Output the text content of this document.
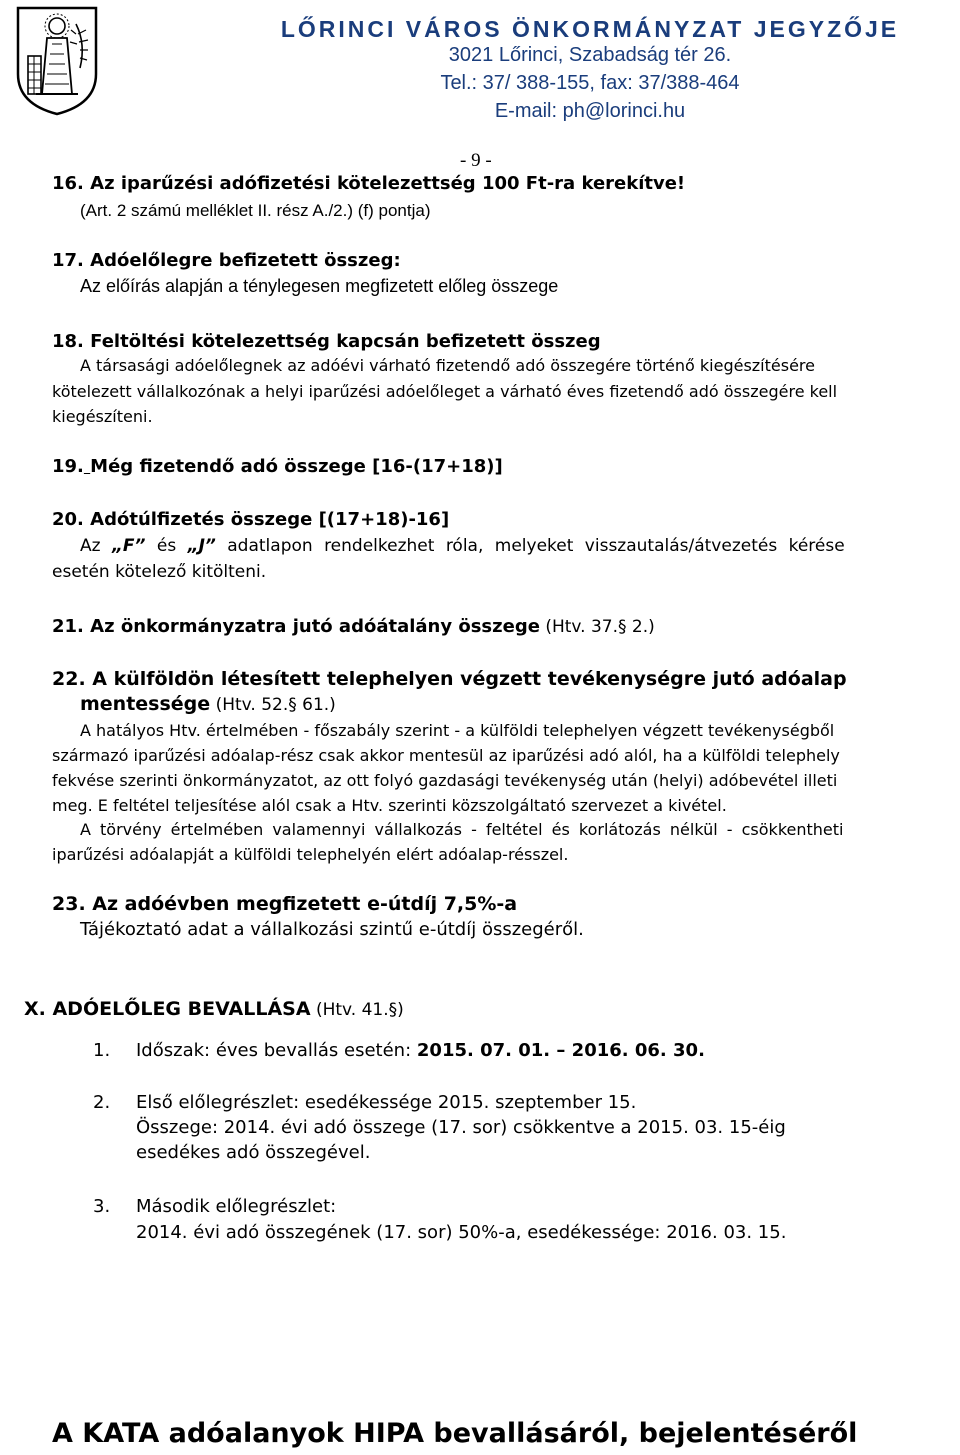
LŐRINCI VÁROS ÖNKORMÁNYZAT JEGYZŐJE
3021 Lőrinci, Szabadság tér 26.
Tel.: 37/ 388-155, fax: 37/388-464
E-mail: ph@lorinci.hu
- 9 -
16. Az iparűzési adófizetési kötelezettség 100 Ft-ra kerekítve!
(Art. 2 számú melléklet II. rész A./2.) (f) pontja)
17. Adóelőlegre befizetett összeg:
Az előírás alapján a ténylegesen megfizetett előleg összege
18. Feltöltési kötelezettség kapcsán befizetett összeg
A társasági adóelőlegnek az adóévi várható fizetendő adó összegére történő kiegészítésére
kötelezett vállalkozónak a helyi iparűzési adóelőleget a várható éves fizetendő adó összegére kell
kiegészíteni.
19. Még fizetendő adó összege [16-(17+18)]
20. Adótúlfizetés összege [(17+18)-16]
Az „F” és „J” adatlapon rendelkezhet róla, melyeket visszautalás/átvezetés kérése
esetén kötelező kitölteni.
21. Az önkormányzatra jutó adóátalány összege (Htv. 37.§ 2.)
22. A külföldön létesített telephelyen végzett tevékenységre jutó adóalap
mentessége (Htv. 52.§ 61.)
A hatályos Htv. értelmében - főszabály szerint - a külföldi telephelyen végzett tevékenységből
származó iparűzési adóalap-rész csak akkor mentesül az iparűzési adó alól, ha a külföldi telephely
fekvése szerinti önkormányzatot, az ott folyó gazdasági tevékenység után (helyi) adóbevétel illeti
meg. E feltétel teljesítése alól csak a Htv. szerinti közszolgáltató szervezet a kivétel.
A törvény értelmében valamennyi vállalkozás - feltétel és korlátozás nélkül - csökkentheti
iparűzési adóalapját a külföldi telephelyén elért adóalap-résszel.
23. Az adóévben megfizetett e-útdíj 7,5%-a
Tájékoztató adat a vállalkozási szintű e-útdíj összegéről.
X. ADÓELŐLEG BEVALLÁSA (Htv. 41.§)
1. Időszak: éves bevallás esetén: 2015. 07. 01. – 2016. 06. 30.
2. Első előlegrészlet: esedékessége 2015. szeptember 15.
Összege: 2014. évi adó összege (17. sor) csökkentve a 2015. 03. 15-éig
esedékes adó összegével.
3. Második előlegrészlet:
2014. évi adó összegének (17. sor) 50%-a, esedékessége: 2016. 03. 15.
A KATA adóalanyok HIPA bevallásáról, bejelentéséről
